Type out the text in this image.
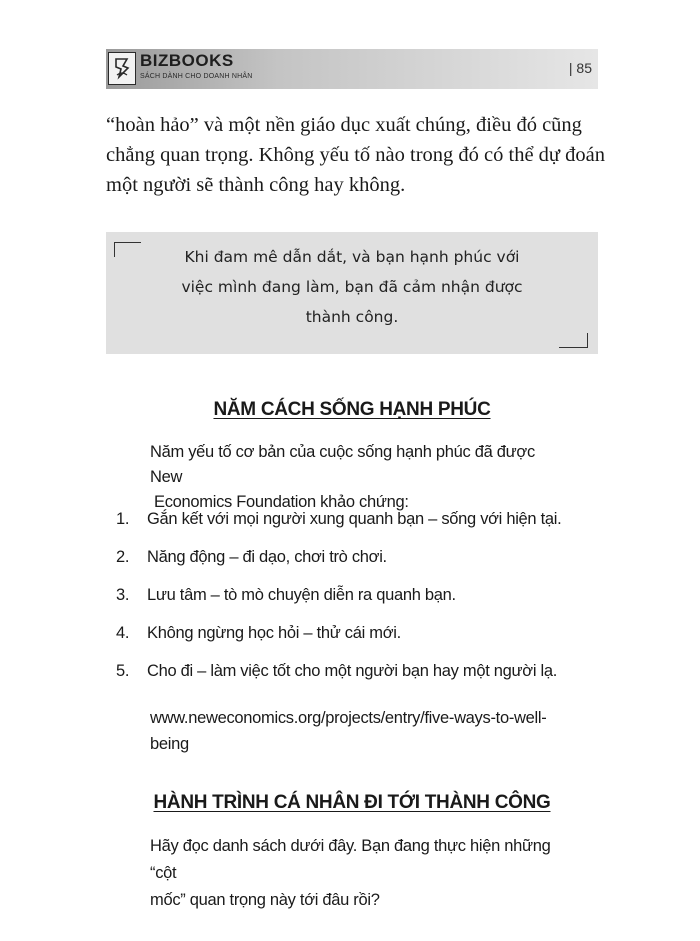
BIZBOOKS
SÁCH DÀNH CHO DOANH NHÂN
| 85

“hoàn hảo” và một nền giáo dục xuất chúng, điều đó cũng chẳng quan trọng. Không yếu tố nào trong đó có thể dự đoán một người sẽ thành công hay không.

Khi đam mê dẫn dắt, và bạn hạnh phúc với
việc mình đang làm, bạn đã cảm nhận được
thành công.
NĂM CÁCH SỐNG HẠNH PHÚC
Năm yếu tố cơ bản của cuộc sống hạnh phúc đã được New
Economics Foundation khảo chứng:
1. Gắn kết với mọi người xung quanh bạn – sống với hiện tại.
2. Năng động – đi dạo, chơi trò chơi.
3. Lưu tâm – tò mò chuyện diễn ra quanh bạn.
4. Không ngừng học hỏi – thử cái mới.
5. Cho đi – làm việc tốt cho một người bạn hay một người lạ.
www.neweconomics.org/projects/entry/five-ways-to-well-
being
HÀNH TRÌNH CÁ NHÂN ĐI TỚI THÀNH CÔNG
Hãy đọc danh sách dưới đây. Bạn đang thực hiện những “cột
mốc” quan trọng này tới đâu rồi?
